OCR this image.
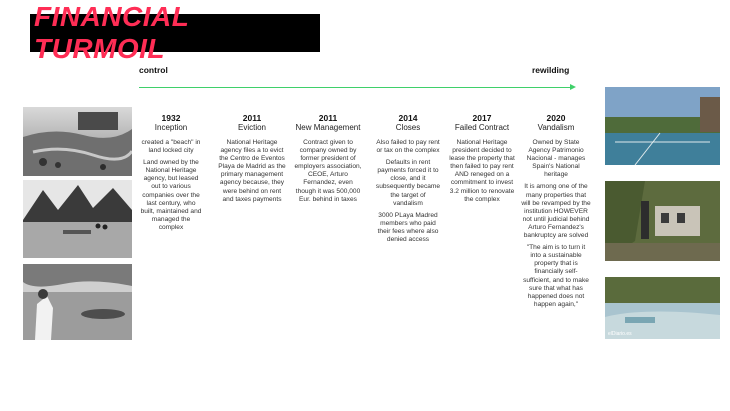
FINANCIAL TURMOIL
control	rewilding
elDiario.es
1932
Inception

created a "beach" in land locked city

Land owned by the National Heritage agency, but leased out to various companies over the last century, who built, maintained and managed the complex

2011
Eviction

National Heritage agency files a to evict the Centro de Eventos Playa de Madrid as the primary management agency because, they were behind on rent and taxes payments

2011
New Management

Contract given to company owned by former president of employers association, CEOE, Arturo Fernandez, even though it was 500,000 Eur. behind in taxes

2014
Closes

Also failed to pay rent or tax on the complex

Defaults in rent payments forced it to close, and it subsequently became the target of vandalism

3000 PLaya Madred members who paid their fees where also denied access

2017
Failed Contract

National Heritage president decided to lease the property that then failed to pay rent AND reneged on a commitment to invest 3.2 million to renovate the complex

2020
Vandalism

Owned by State Agency Patrimonio Nacional - manages Spain's National heritage

It is among one of the many properties that will be revamped by the institution HOWEVER not until judicial behind Arturo Fernandez's bankruptcy are solved

"The aim is to turn it into a sustainable property that is financially self-sufficient, and to make sure that what has happened does not happen again,"
